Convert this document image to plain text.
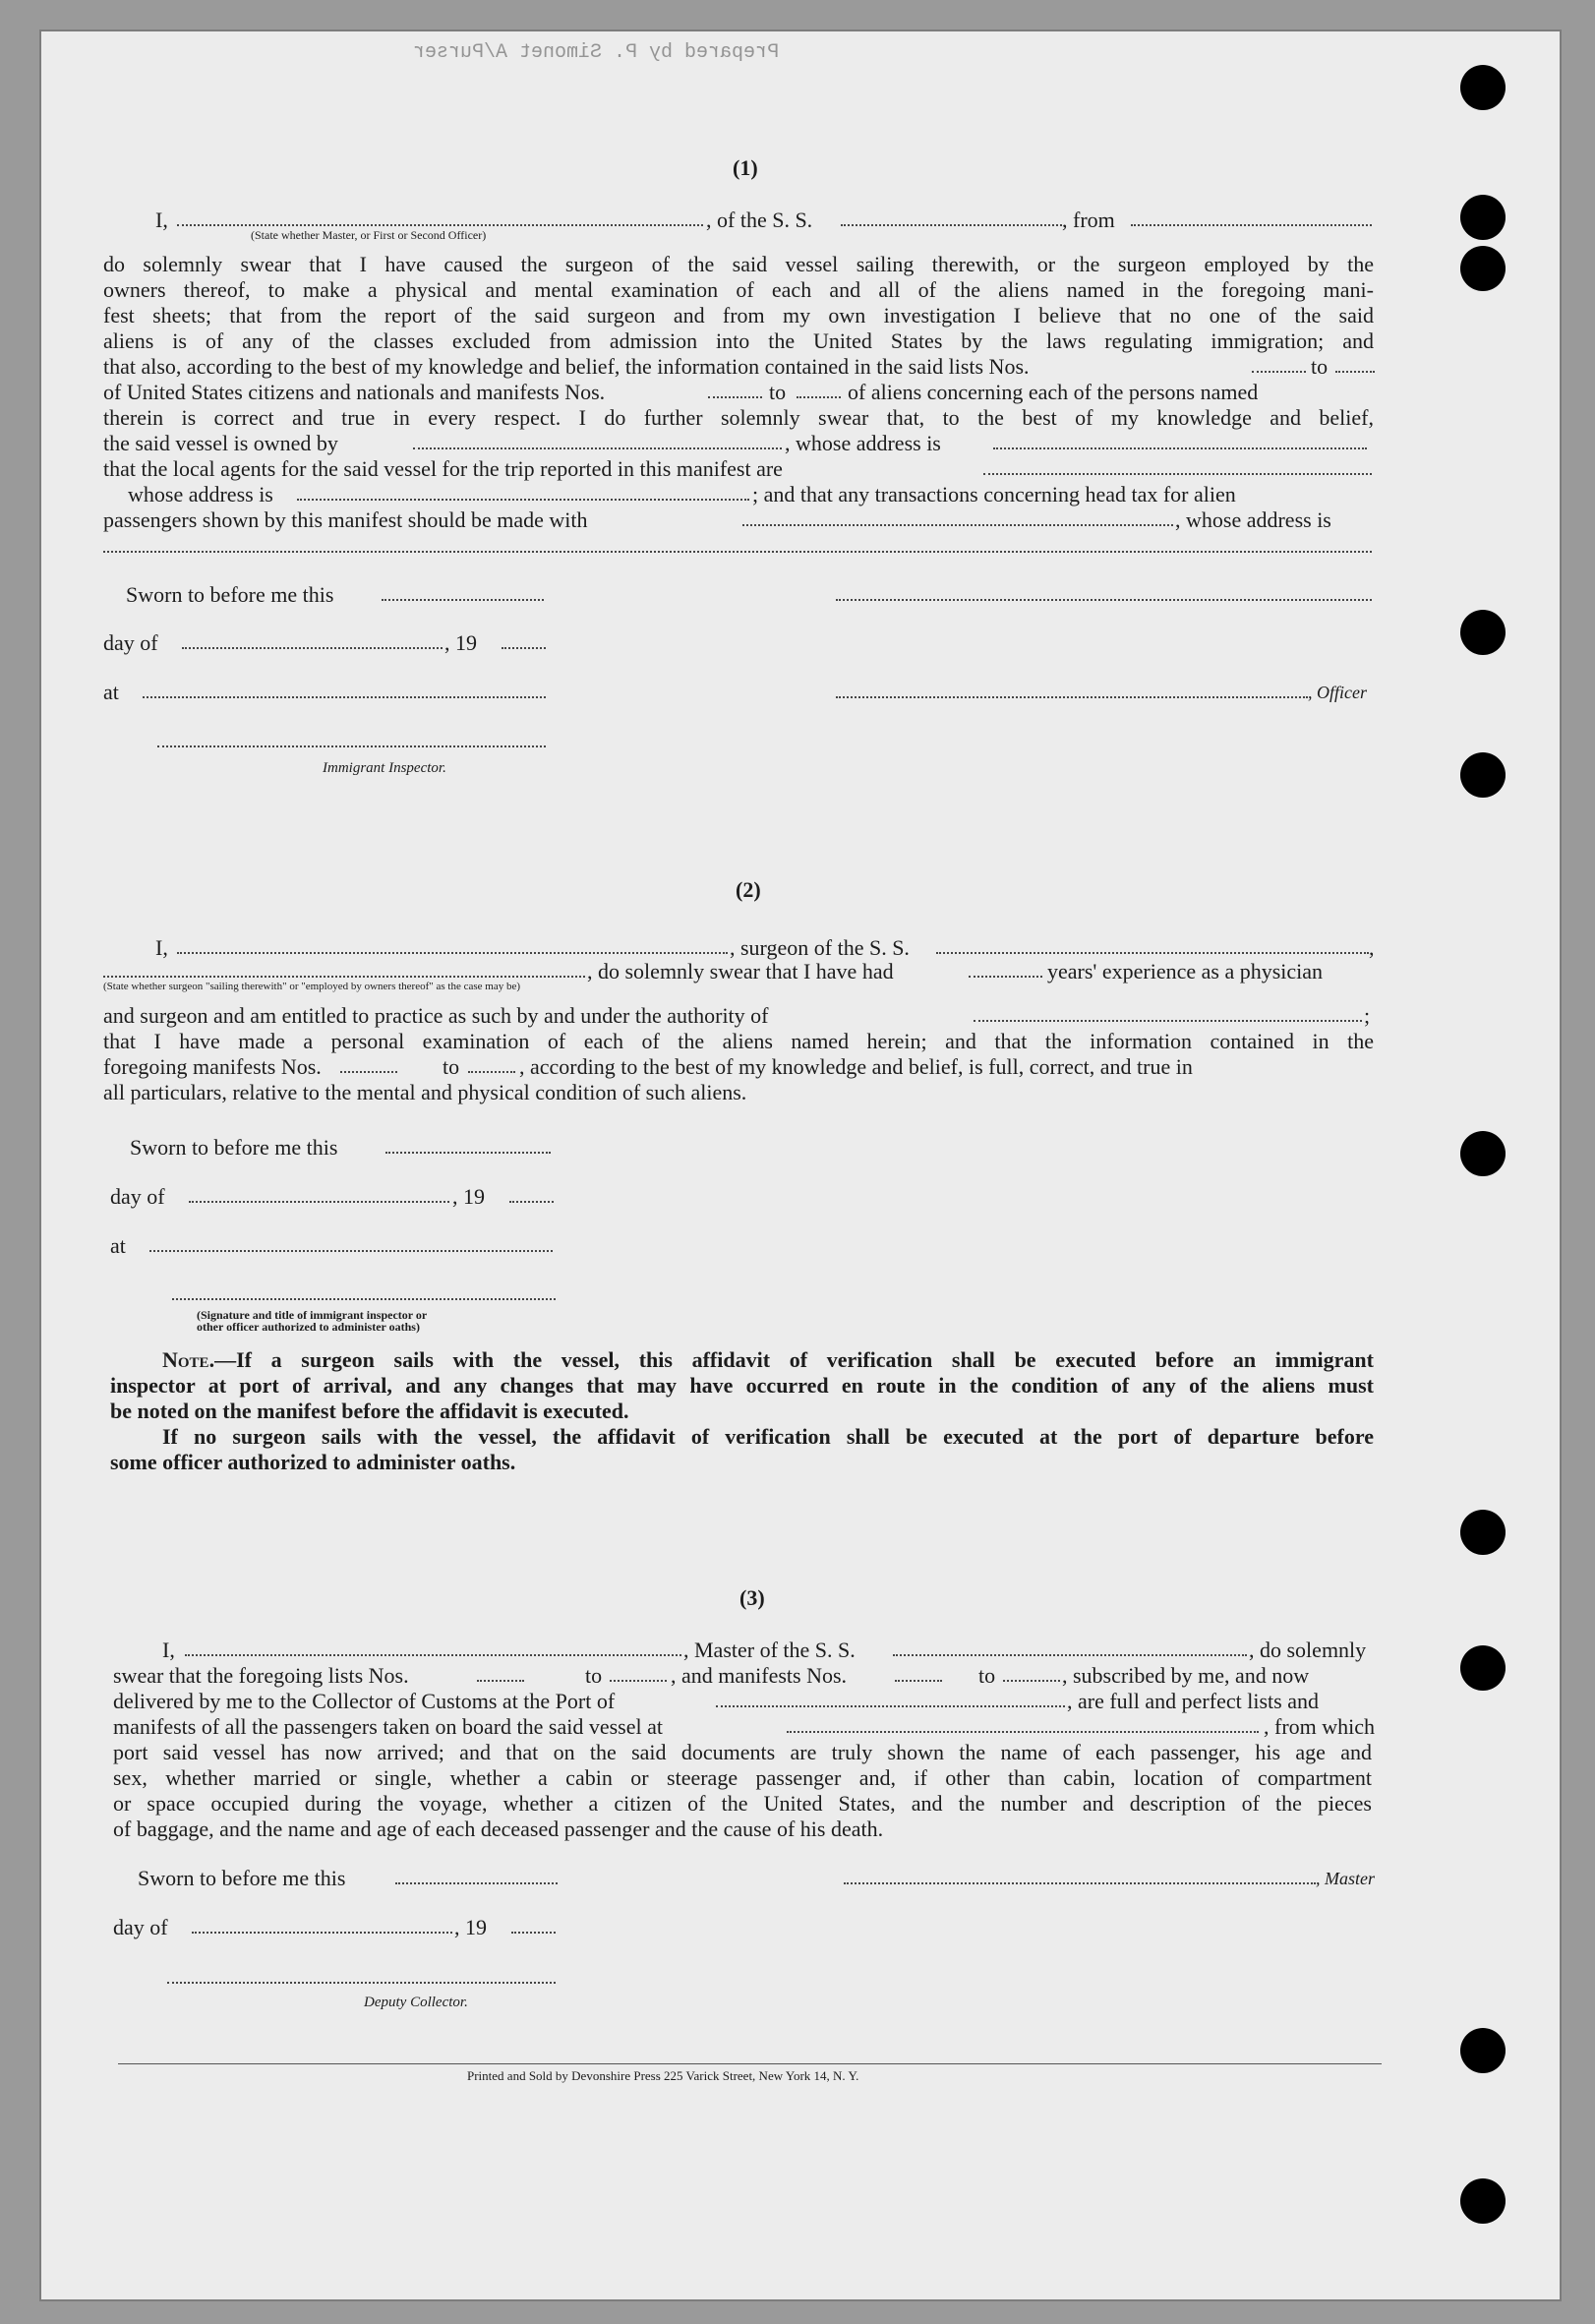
Prepared by P. Simonet A/Purser
(1)
I,	, of the S. S.	, from
(State whether Master, or First or Second Officer)
do solemnly swear that I have caused the surgeon of the said vessel sailing therewith, or the surgeon employed by the
owners thereof, to make a physical and mental examination of each and all of the aliens named in the foregoing mani-
fest sheets; that from the report of the said surgeon and from my own investigation I believe that no one of the said
aliens is of any of the classes excluded from admission into the United States by the laws regulating immigration; and
that also, according to the best of my knowledge and belief, the information contained in the said lists Nos.	to
of United States citizens and nationals and manifests Nos.	to	of aliens concerning each of the persons named
therein is correct and true in every respect. I do further solemnly swear that, to the best of my knowledge and belief,
the said vessel is owned by	, whose address is
that the local agents for the said vessel for the trip reported in this manifest are
whose address is	; and that any transactions concerning head tax for alien
passengers shown by this manifest should be made with	, whose address is
Sworn to before me this
day of	, 19
at	, Officer
Immigrant Inspector.
(2)
I,	, surgeon of the S. S.	,
, do solemnly swear that I have had	years' experience as a physician
(State whether surgeon "sailing therewith" or "employed by owners thereof" as the case may be)
and surgeon and am entitled to practice as such by and under the authority of	;
that I have made a personal examination of each of the aliens named herein; and that the information contained in the
foregoing manifests Nos.	to	, according to the best of my knowledge and belief, is full, correct, and true in
all particulars, relative to the mental and physical condition of such aliens.
Sworn to before me this
day of	, 19
at
(Signature and title of immigrant inspector or
other officer authorized to administer oaths)
Note.—If a surgeon sails with the vessel, this affidavit of verification shall be executed before an immigrant
inspector at port of arrival, and any changes that may have occurred en route in the condition of any of the aliens must
be noted on the manifest before the affidavit is executed.
If no surgeon sails with the vessel, the affidavit of verification shall be executed at the port of departure before
some officer authorized to administer oaths.
(3)
I,	, Master of the S. S.	, do solemnly
swear that the foregoing lists Nos.	to	, and manifests Nos.	to	, subscribed by me, and now
delivered by me to the Collector of Customs at the Port of	, are full and perfect lists and
manifests of all the passengers taken on board the said vessel at	, from which
port said vessel has now arrived; and that on the said documents are truly shown the name of each passenger, his age and
sex, whether married or single, whether a cabin or steerage passenger and, if other than cabin, location of compartment
or space occupied during the voyage, whether a citizen of the United States, and the number and description of the pieces
of baggage, and the name and age of each deceased passenger and the cause of his death.
Sworn to before me this	, Master
day of	, 19
Deputy Collector.
Printed and Sold by Devonshire Press 225 Varick Street, New York 14, N. Y.
